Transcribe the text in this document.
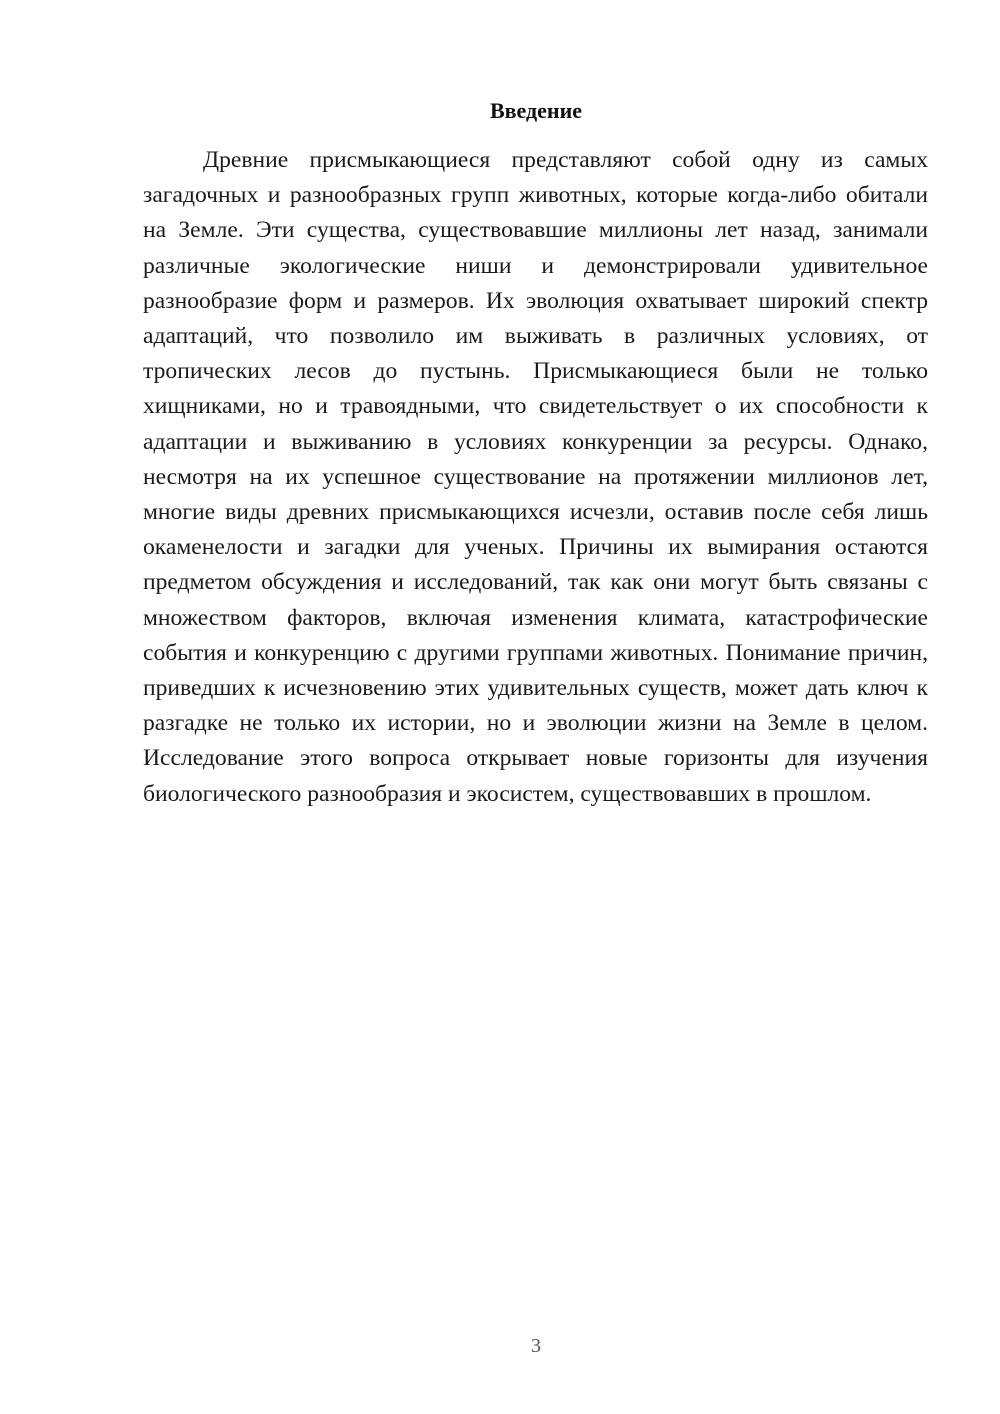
Введение

Древние присмыкающиеся представляют собой одну из самых загадочных и разнообразных групп животных, которые когда-либо обитали на Земле. Эти существа, существовавшие миллионы лет назад, занимали различные экологические ниши и демонстрировали удивительное разнообразие форм и размеров. Их эволюция охватывает широкий спектр адаптаций, что позволило им выживать в различных условиях, от тропических лесов до пустынь. Присмыкающиеся были не только хищниками, но и травоядными, что свидетельствует о их способности к адаптации и выживанию в условиях конкуренции за ресурсы. Однако, несмотря на их успешное существование на протяжении миллионов лет, многие виды древних присмыкающихся исчезли, оставив после себя лишь окаменелости и загадки для ученых. Причины их вымирания остаются предметом обсуждения и исследований, так как они могут быть связаны с множеством факторов, включая изменения климата, катастрофические события и конкуренцию с другими группами животных. Понимание причин, приведших к исчезновению этих удивительных существ, может дать ключ к разгадке не только их истории, но и эволюции жизни на Земле в целом. Исследование этого вопроса открывает новые горизонты для изучения биологического разнообразия и экосистем, существовавших в прошлом.

3
